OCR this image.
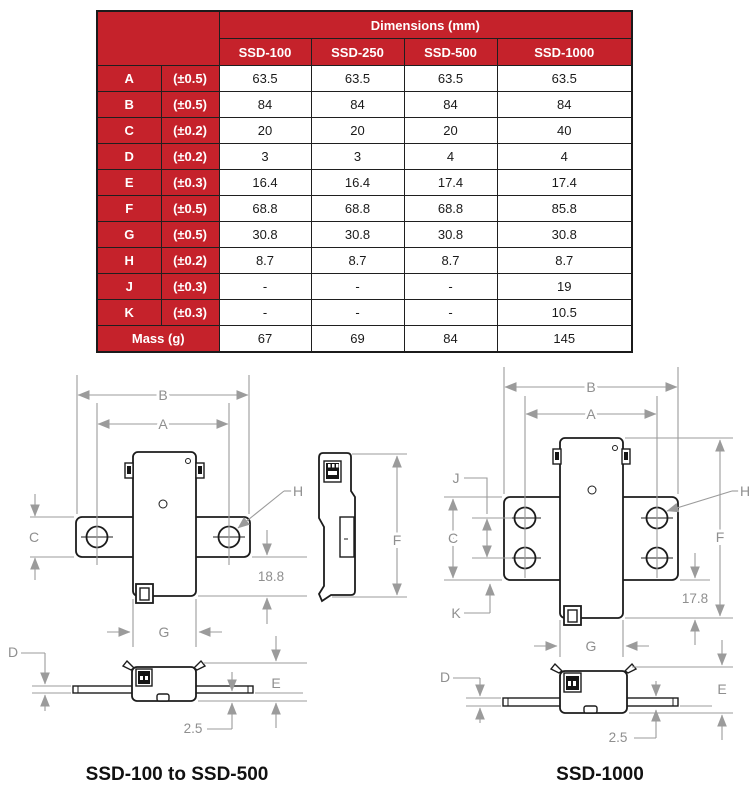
		Dimensions (mm)			
		SSD-100	SSD-250	SSD-500	SSD-1000
A	(±0.5)	63.5	63.5	63.5	63.5
B	(±0.5)	84	84	84	84
C	(±0.2)	20	20	20	40
D	(±0.2)	3	3	4	4
E	(±0.3)	16.4	16.4	17.4	17.4
F	(±0.5)	68.8	68.8	68.8	85.8
G	(±0.5)	30.8	30.8	30.8	30.8
H	(±0.2)	8.7	8.7	8.7	8.7
J	(±0.3)	-	-	-	19
K	(±0.3)	-	-	-	10.5
Mass (g)		67	69	84	145
B
A
C
G
H
18.8
D
E
2.5
SSD-100 to SSD-500
F
B
A
J
C
K
H
F
17.8
G
D
E
2.5
SSD-1000
